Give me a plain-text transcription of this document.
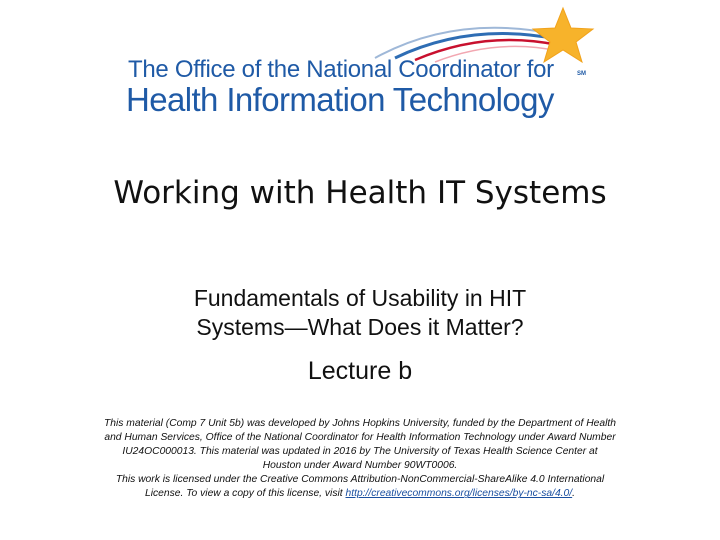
The Office of the National Coordinator for
Health Information Technology
SM
Working with Health IT Systems
Fundamentals of Usability in HIT
Systems—What Does it Matter?
Lecture b
This material (Comp 7 Unit 5b) was developed by Johns Hopkins University, funded by the Department of Health
and Human Services, Office of the National Coordinator for Health Information Technology under Award Number
IU24OC000013. This material was updated in 2016 by The University of Texas Health Science Center at
Houston under Award Number 90WT0006.
This work is licensed under the Creative Commons Attribution-NonCommercial-ShareAlike 4.0 International
License. To view a copy of this license, visit http://creativecommons.org/licenses/by-nc-sa/4.0/.
